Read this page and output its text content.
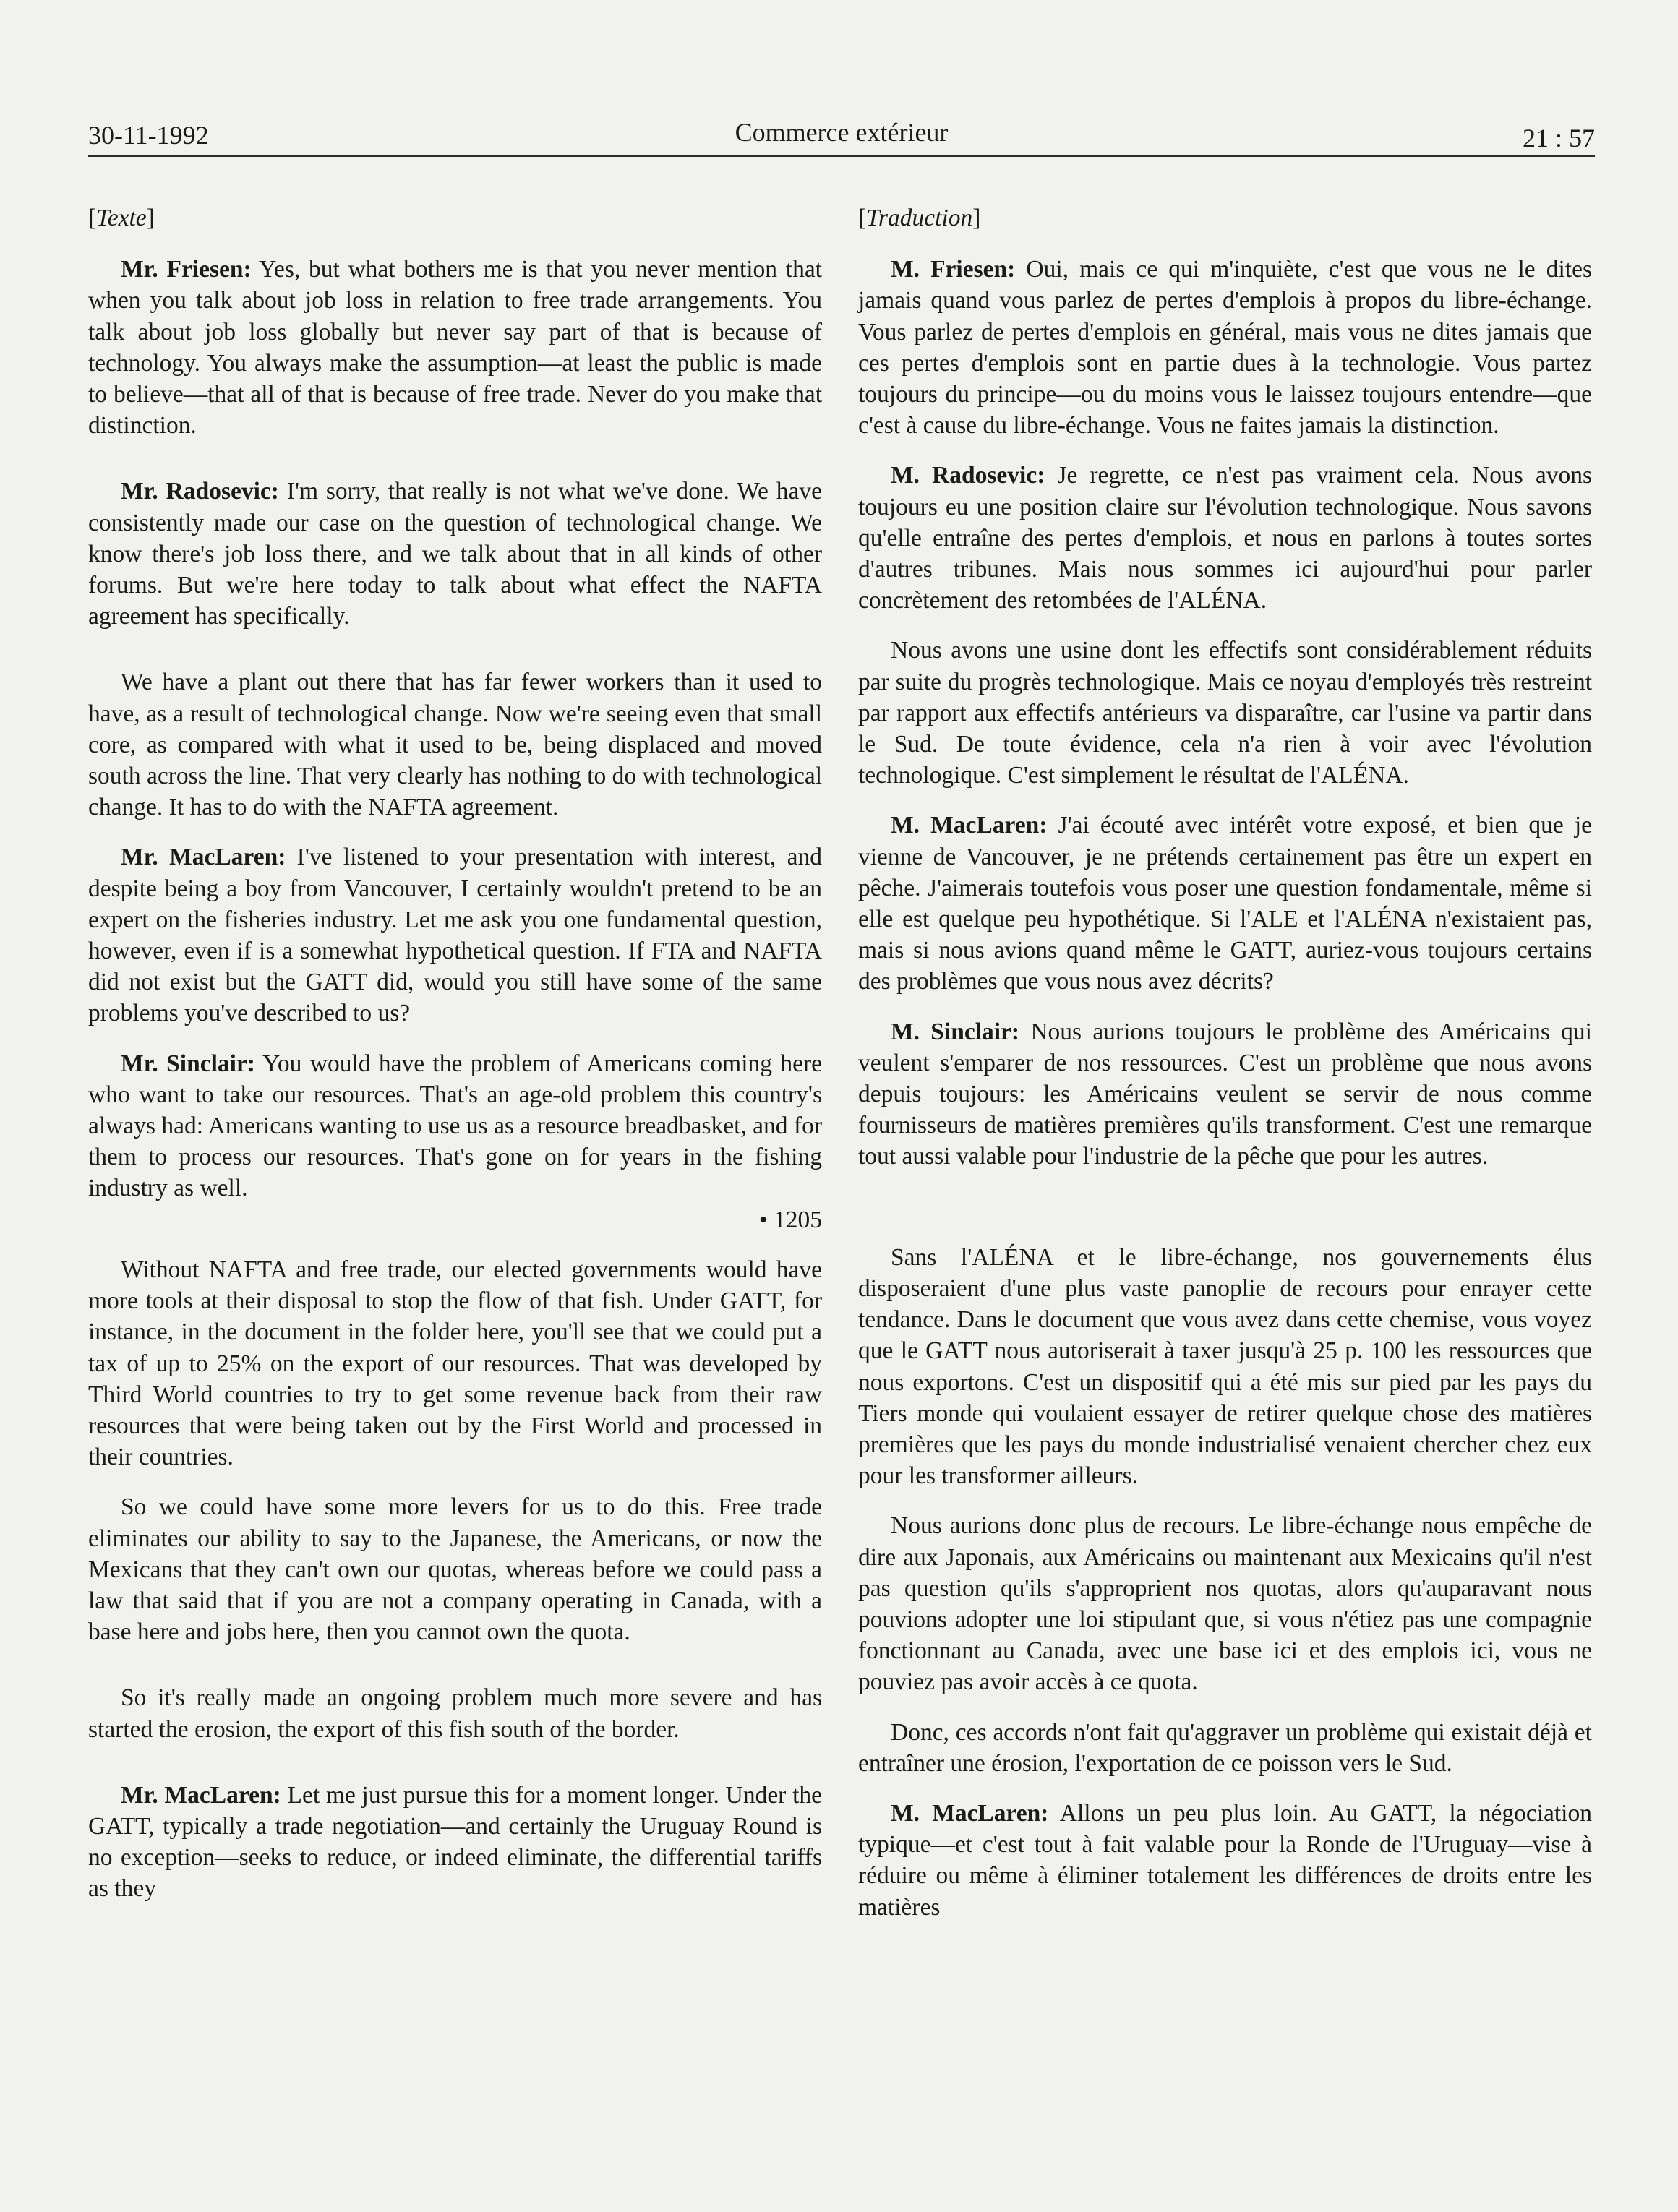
30-11-1992	Commerce extérieur	21 : 57

[Texte]

Mr. Friesen: Yes, but what bothers me is that you never mention that when you talk about job loss in relation to free trade arrangements. You talk about job loss globally but never say part of that is because of technology. You always make the assumption—at least the public is made to believe—that all of that is because of free trade. Never do you make that distinction.

Mr. Radosevic: I'm sorry, that really is not what we've done. We have consistently made our case on the question of technological change. We know there's job loss there, and we talk about that in all kinds of other forums. But we're here today to talk about what effect the NAFTA agreement has specifically.

We have a plant out there that has far fewer workers than it used to have, as a result of technological change. Now we're seeing even that small core, as compared with what it used to be, being displaced and moved south across the line. That very clearly has nothing to do with technological change. It has to do with the NAFTA agreement.

Mr. MacLaren: I've listened to your presentation with interest, and despite being a boy from Vancouver, I certainly wouldn't pretend to be an expert on the fisheries industry. Let me ask you one fundamental question, however, even if is a somewhat hypothetical question. If FTA and NAFTA did not exist but the GATT did, would you still have some of the same problems you've described to us?

Mr. Sinclair: You would have the problem of Americans coming here who want to take our resources. That's an age-old problem this country's always had: Americans wanting to use us as a resource breadbasket, and for them to process our resources. That's gone on for years in the fishing industry as well.

• 1205

Without NAFTA and free trade, our elected governments would have more tools at their disposal to stop the flow of that fish. Under GATT, for instance, in the document in the folder here, you'll see that we could put a tax of up to 25% on the export of our resources. That was developed by Third World countries to try to get some revenue back from their raw resources that were being taken out by the First World and processed in their countries.

So we could have some more levers for us to do this. Free trade eliminates our ability to say to the Japanese, the Americans, or now the Mexicans that they can't own our quotas, whereas before we could pass a law that said that if you are not a company operating in Canada, with a base here and jobs here, then you cannot own the quota.

So it's really made an ongoing problem much more severe and has started the erosion, the export of this fish south of the border.

Mr. MacLaren: Let me just pursue this for a moment longer. Under the GATT, typically a trade negotiation—and certainly the Uruguay Round is no exception—seeks to reduce, or indeed eliminate, the differential tariffs as they

[Traduction]

M. Friesen: Oui, mais ce qui m'inquiète, c'est que vous ne le dites jamais quand vous parlez de pertes d'emplois à propos du libre-échange. Vous parlez de pertes d'emplois en général, mais vous ne dites jamais que ces pertes d'emplois sont en partie dues à la technologie. Vous partez toujours du principe—ou du moins vous le laissez toujours entendre—que c'est à cause du libre-échange. Vous ne faites jamais la distinction.

M. Radosevic: Je regrette, ce n'est pas vraiment cela. Nous avons toujours eu une position claire sur l'évolution technologique. Nous savons qu'elle entraîne des pertes d'emplois, et nous en parlons à toutes sortes d'autres tribunes. Mais nous sommes ici aujourd'hui pour parler concrètement des retombées de l'ALÉNA.

Nous avons une usine dont les effectifs sont considérablement réduits par suite du progrès technologique. Mais ce noyau d'employés très restreint par rapport aux effectifs antérieurs va disparaître, car l'usine va partir dans le Sud. De toute évidence, cela n'a rien à voir avec l'évolution technologique. C'est simplement le résultat de l'ALÉNA.

M. MacLaren: J'ai écouté avec intérêt votre exposé, et bien que je vienne de Vancouver, je ne prétends certainement pas être un expert en pêche. J'aimerais toutefois vous poser une question fondamentale, même si elle est quelque peu hypothétique. Si l'ALE et l'ALÉNA n'existaient pas, mais si nous avions quand même le GATT, auriez-vous toujours certains des problèmes que vous nous avez décrits?

M. Sinclair: Nous aurions toujours le problème des Américains qui veulent s'emparer de nos ressources. C'est un problème que nous avons depuis toujours: les Américains veulent se servir de nous comme fournisseurs de matières premières qu'ils transforment. C'est une remarque tout aussi valable pour l'industrie de la pêche que pour les autres.

Sans l'ALÉNA et le libre-échange, nos gouvernements élus disposeraient d'une plus vaste panoplie de recours pour enrayer cette tendance. Dans le document que vous avez dans cette chemise, vous voyez que le GATT nous autoriserait à taxer jusqu'à 25 p. 100 les ressources que nous exportons. C'est un dispositif qui a été mis sur pied par les pays du Tiers monde qui voulaient essayer de retirer quelque chose des matières premières que les pays du monde industrialisé venaient chercher chez eux pour les transformer ailleurs.

Nous aurions donc plus de recours. Le libre-échange nous empêche de dire aux Japonais, aux Américains ou maintenant aux Mexicains qu'il n'est pas question qu'ils s'approprient nos quotas, alors qu'auparavant nous pouvions adopter une loi stipulant que, si vous n'étiez pas une compagnie fonctionnant au Canada, avec une base ici et des emplois ici, vous ne pouviez pas avoir accès à ce quota.

Donc, ces accords n'ont fait qu'aggraver un problème qui existait déjà et entraîner une érosion, l'exportation de ce poisson vers le Sud.

M. MacLaren: Allons un peu plus loin. Au GATT, la négociation typique—et c'est tout à fait valable pour la Ronde de l'Uruguay—vise à réduire ou même à éliminer totalement les différences de droits entre les matières
